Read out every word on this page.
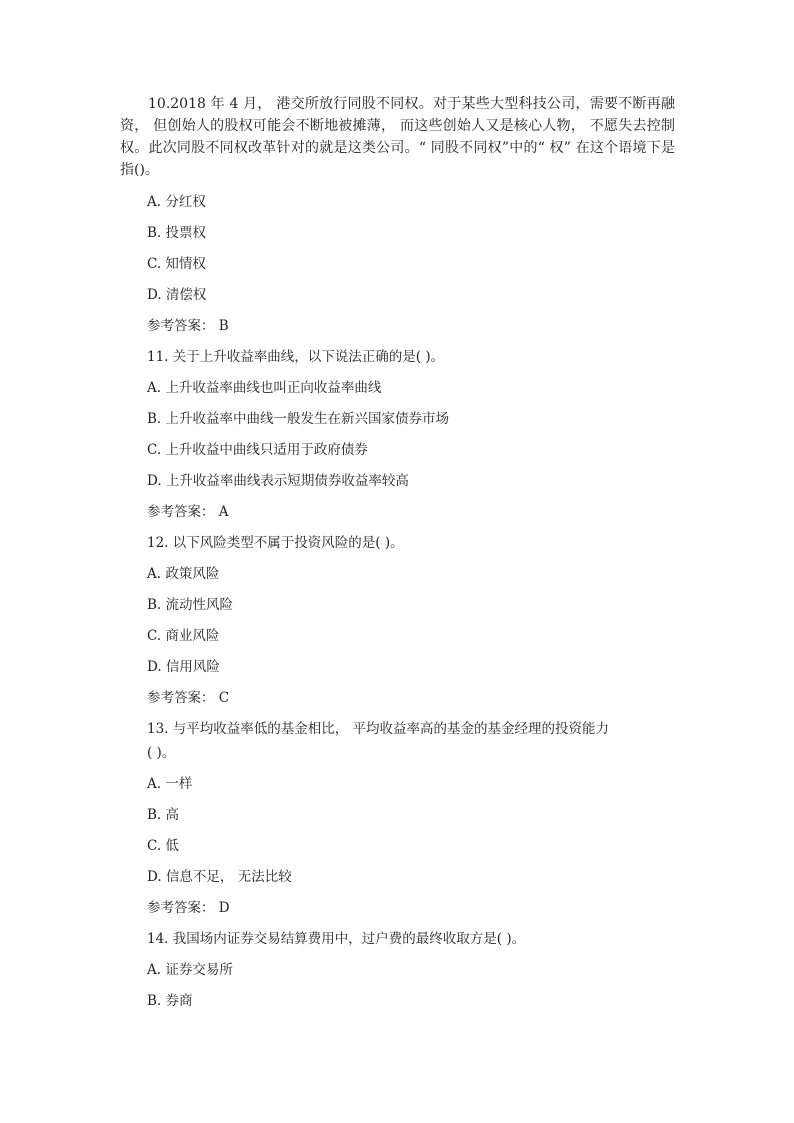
10.2018 年 4 月， 港交所放行同股不同权。对于某些大型科技公司，需要不断再融资， 但创始人的股权可能会不断地被摊薄， 而这些创始人又是核心人物， 不愿失去控制权。此次同股不同权改革针对的就是这类公司。“ 同股不同权”中的“ 权” 在这个语境下是指()。

A. 分红权
B. 投票权
C. 知情权
D. 清偿权
参考答案： B
11. 关于上升收益率曲线，以下说法正确的是( )。
A. 上升收益率曲线也叫正向收益率曲线
B. 上升收益率中曲线一般发生在新兴国家债券市场
C. 上升收益中曲线只适用于政府债券
D. 上升收益率曲线表示短期债券收益率较高
参考答案： A
12. 以下风险类型不属于投资风险的是( )。
A. 政策风险
B. 流动性风险
C. 商业风险
D. 信用风险
参考答案： C
13. 与平均收益率低的基金相比， 平均收益率高的基金的基金经理的投资能力
( )。
A. 一样
B. 高
C. 低
D. 信息不足， 无法比较
参考答案： D
14. 我国场内证券交易结算费用中，过户费的最终收取方是( )。
A. 证券交易所
B. 券商
